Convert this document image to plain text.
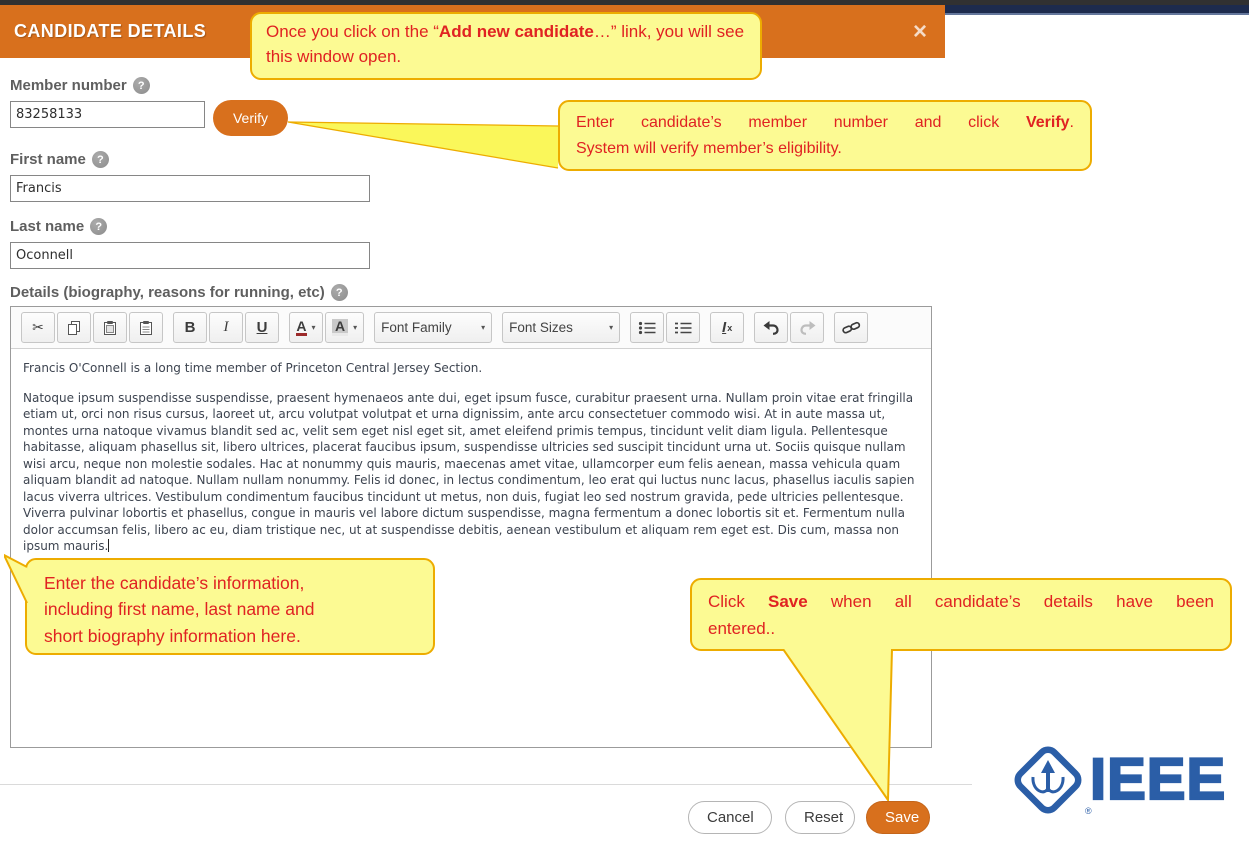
CANDIDATE DETAILS	×
Member number	?
83258133
Verify
First name	?
Francis
Last name	?
Oconnell
Details (biography, reasons for running, etc)	?
✂	B I U A ▾ A	▾ Font Family	▾ Font Sizes	▾	I x

Francis O'Connell is a long time member of Princeton Central Jersey Section.

Natoque ipsum suspendisse suspendisse, praesent hymenaeos ante dui, eget ipsum fusce, curabitur praesent urna. Nullam proin vitae erat fringilla etiam ut, orci non risus cursus, laoreet ut, arcu volutpat volutpat et urna dignissim, ante arcu consectetuer commodo wisi. At in aute massa ut, montes urna natoque vivamus blandit sed ac, velit sem eget nisl eget sit, amet eleifend primis tempus, tincidunt velit diam ligula. Pellentesque habitasse, aliquam phasellus sit, libero ultrices, placerat faucibus ipsum, suspendisse ultricies sed suscipit tincidunt urna ut. Sociis quisque nullam wisi arcu, neque non molestie sodales. Hac at nonummy quis mauris, maecenas amet vitae, ullamcorper eum felis aenean, massa vehicula quam aliquam blandit ad natoque. Nullam nullam nonummy. Felis id donec, in lectus condimentum, leo erat qui luctus nunc lacus, phasellus iaculis sapien lacus viverra ultrices. Vestibulum condimentum faucibus tincidunt ut metus, non duis, fugiat leo sed nostrum gravida, pede ultricies pellentesque. Viverra pulvinar lobortis et phasellus, congue in mauris vel labore dictum suspendisse, magna fermentum a donec lobortis sit et. Fermentum nulla dolor accumsan felis, libero ac eu, diam tristique nec, ut at suspendisse debitis, aenean vestibulum et aliquam rem eget est. Dis cum, massa non ipsum mauris.

Cancel	Reset	Save	®
IEEE
Once you click on the “Add new candidate…” link, you will see this window open.
Enter candidate’s member number and click Verify.
System will verify member’s eligibility.
Enter the candidate’s information,
including first name, last name and
short biography information here.
Click Save when all candidate’s details have been
entered..
